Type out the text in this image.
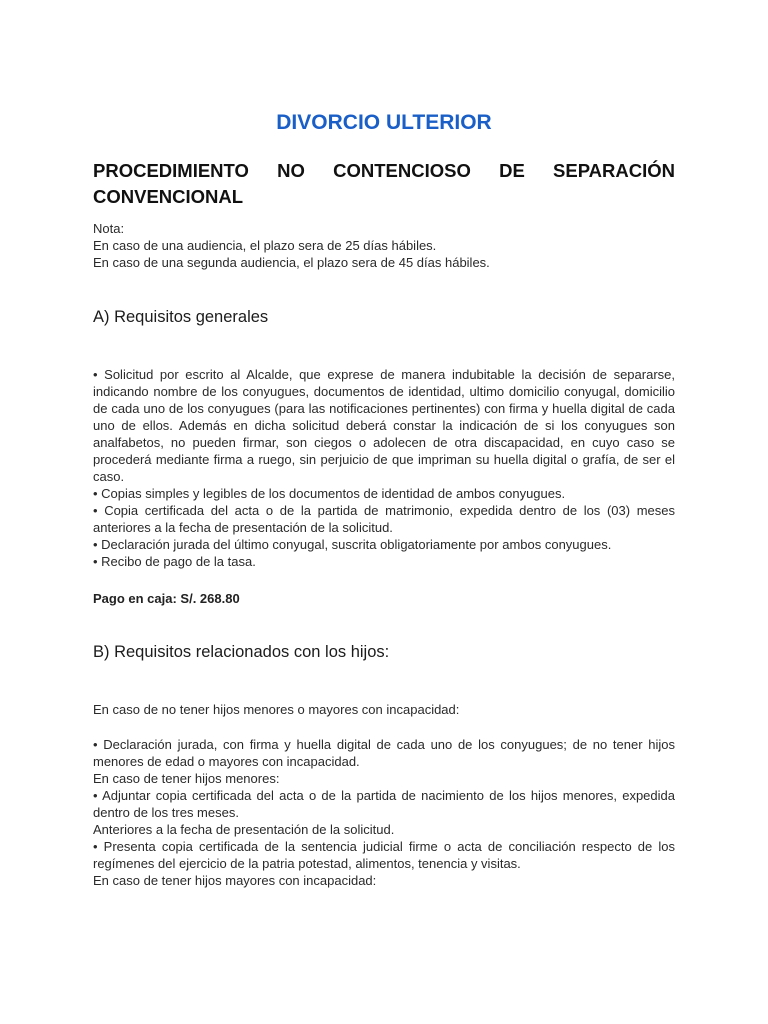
DIVORCIO ULTERIOR
PROCEDIMIENTO NO CONTENCIOSO DE SEPARACIÓN
CONVENCIONAL

Nota:

En caso de una audiencia, el plazo sera de 25 días hábiles.

En caso de una segunda audiencia, el plazo sera de 45 días hábiles.

A) Requisitos generales

• Solicitud por escrito al Alcalde, que exprese de manera indubitable la decisión de separarse, indicando nombre de los conyugues, documentos de identidad, ultimo domicilio conyugal, domicilio de cada uno de los conyugues (para las notificaciones pertinentes) con firma y huella digital de cada uno de ellos. Además en dicha solicitud deberá constar la indicación de si los conyugues son analfabetos, no pueden firmar, son ciegos o adolecen de otra discapacidad, en cuyo caso se procederá mediante firma a ruego, sin perjuicio de que impriman su huella digital o grafía, de ser el caso.

• Copias simples y legibles de los documentos de identidad de ambos conyugues.

• Copia certificada del acta o de la partida de matrimonio, expedida dentro de los (03) meses anteriores a la fecha de presentación de la solicitud.

• Declaración jurada del último conyugal, suscrita obligatoriamente por ambos conyugues.

• Recibo de pago de la tasa.

Pago en caja: S/. 268.80

B) Requisitos relacionados con los hijos:

En caso de no tener hijos menores o mayores con incapacidad:

• Declaración jurada, con firma y huella digital de cada uno de los conyugues; de no tener hijos menores de edad o mayores con incapacidad.

En caso de tener hijos menores:

• Adjuntar copia certificada del acta o de la partida de nacimiento de los hijos menores, expedida dentro de los tres meses.

Anteriores a la fecha de presentación de la solicitud.

• Presenta copia certificada de la sentencia judicial firme o acta de conciliación respecto de los regímenes del ejercicio de la patria potestad, alimentos, tenencia y visitas.

En caso de tener hijos mayores con incapacidad:
